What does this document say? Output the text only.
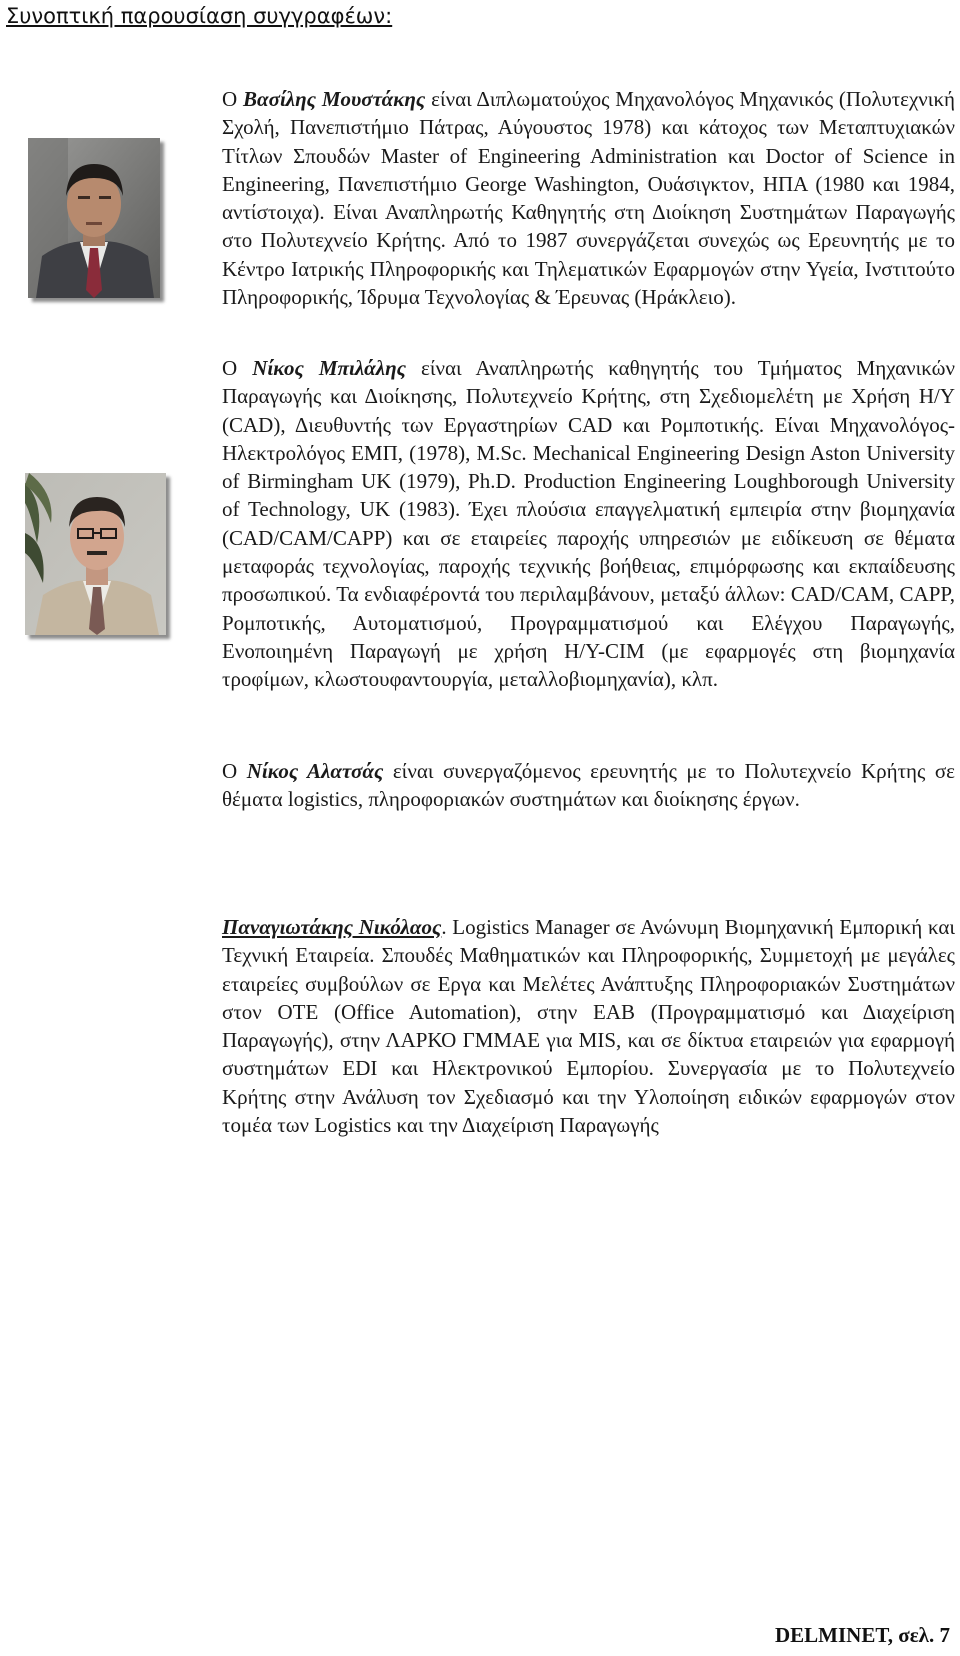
Συνοπτική παρουσίαση συγγραφέων:

Ο Βασίλης Μουστάκης είναι Διπλωματούχος Μηχανολόγος Μηχανικός (Πολυτεχνική Σχολή, Πανεπιστήμιο Πάτρας, Αύγουστος 1978) και κάτοχος των Μεταπτυχιακών Τίτλων Σπουδών Master of Engineering Administration και Doctor of Science in Engineering, Πανεπιστήμιο George Washington, Ουάσιγκτον, ΗΠΑ (1980 και 1984, αντίστοιχα). Είναι Αναπληρωτής Καθηγητής στη Διοίκηση Συστημάτων Παραγωγής στο Πολυτεχνείο Κρήτης. Από το 1987 συνεργάζεται συνεχώς ως Ερευνητής με το Κέντρο Ιατρικής Πληροφορικής και Τηλεματικών Εφαρμογών στην Υγεία, Ινστιτούτο Πληροφορικής, Ίδρυμα Τεχνολογίας & Έρευνας (Ηράκλειο).

Ο Νίκος Μπιλάλης είναι Αναπληρωτής καθηγητής του Τμήματος Μηχανικών Παραγωγής και Διοίκησης, Πολυτεχνείο Κρήτης, στη Σχεδιομελέτη με Χρήση Η/Υ (CAD), Διευθυντής των Εργαστηρίων CAD και Ρομποτικής. Είναι Μηχανολόγος-Ηλεκτρολόγος ΕΜΠ, (1978), M.Sc. Mechanical Engineering Design Aston University of Birmingham UK (1979), Ph.D. Production Engineering Loughborough University of Technology, UK (1983). Έχει πλούσια επαγγελματική εμπειρία στην βιομηχανία (CAD/CAM/CAPP) και σε εταιρείες παροχής υπηρεσιών με ειδίκευση σε θέματα μεταφοράς τεχνολογίας, παροχής τεχνικής βοήθειας, επιμόρφωσης και εκπαίδευσης προσωπικού. Τα ενδιαφέροντά του περιλαμβάνουν, μεταξύ άλλων: CAD/CAM, CAPP, Ρομποτικής, Αυτοματισμού, Προγραμματισμού και Ελέγχου Παραγωγής, Ενοποιημένη Παραγωγή με χρήση Η/Υ-CIM (με εφαρμογές στη βιομηχανία τροφίμων, κλωστουφαντουργία, μεταλλοβιομηχανία), κλπ.

Ο Νίκος Αλατσάς είναι συνεργαζόμενος ερευνητής με το Πολυτεχνείο Κρήτης σε θέματα logistics, πληροφοριακών συστημάτων και διοίκησης έργων.

Παναγιωτάκης Νικόλαος. Logistics Manager σε Ανώνυμη Βιομηχανική Εμπορική και Τεχνική Εταιρεία. Σπουδές Μαθηματικών και Πληροφορικής, Συμμετοχή με μεγάλες εταιρείες συμβούλων σε Εργα και Μελέτες Ανάπτυξης Πληροφοριακών Συστημάτων στον ΟΤΕ (Office Automation), στην ΕΑΒ (Προγραμματισμό και Διαχείριση Παραγωγής), στην ΛΑΡΚΟ ΓΜΜΑΕ για MIS, και σε δίκτυα εταιρειών για εφαρμογή συστημάτων EDI και Ηλεκτρονικού Εμπορίου. Συνεργασία με το Πολυτεχνείο Κρήτης στην Ανάλυση τον Σχεδιασμό και την Υλοποίηση ειδικών εφαρμογών στον τομέα των Logistics και την Διαχείριση Παραγωγής

DELMINET, σελ. 7
